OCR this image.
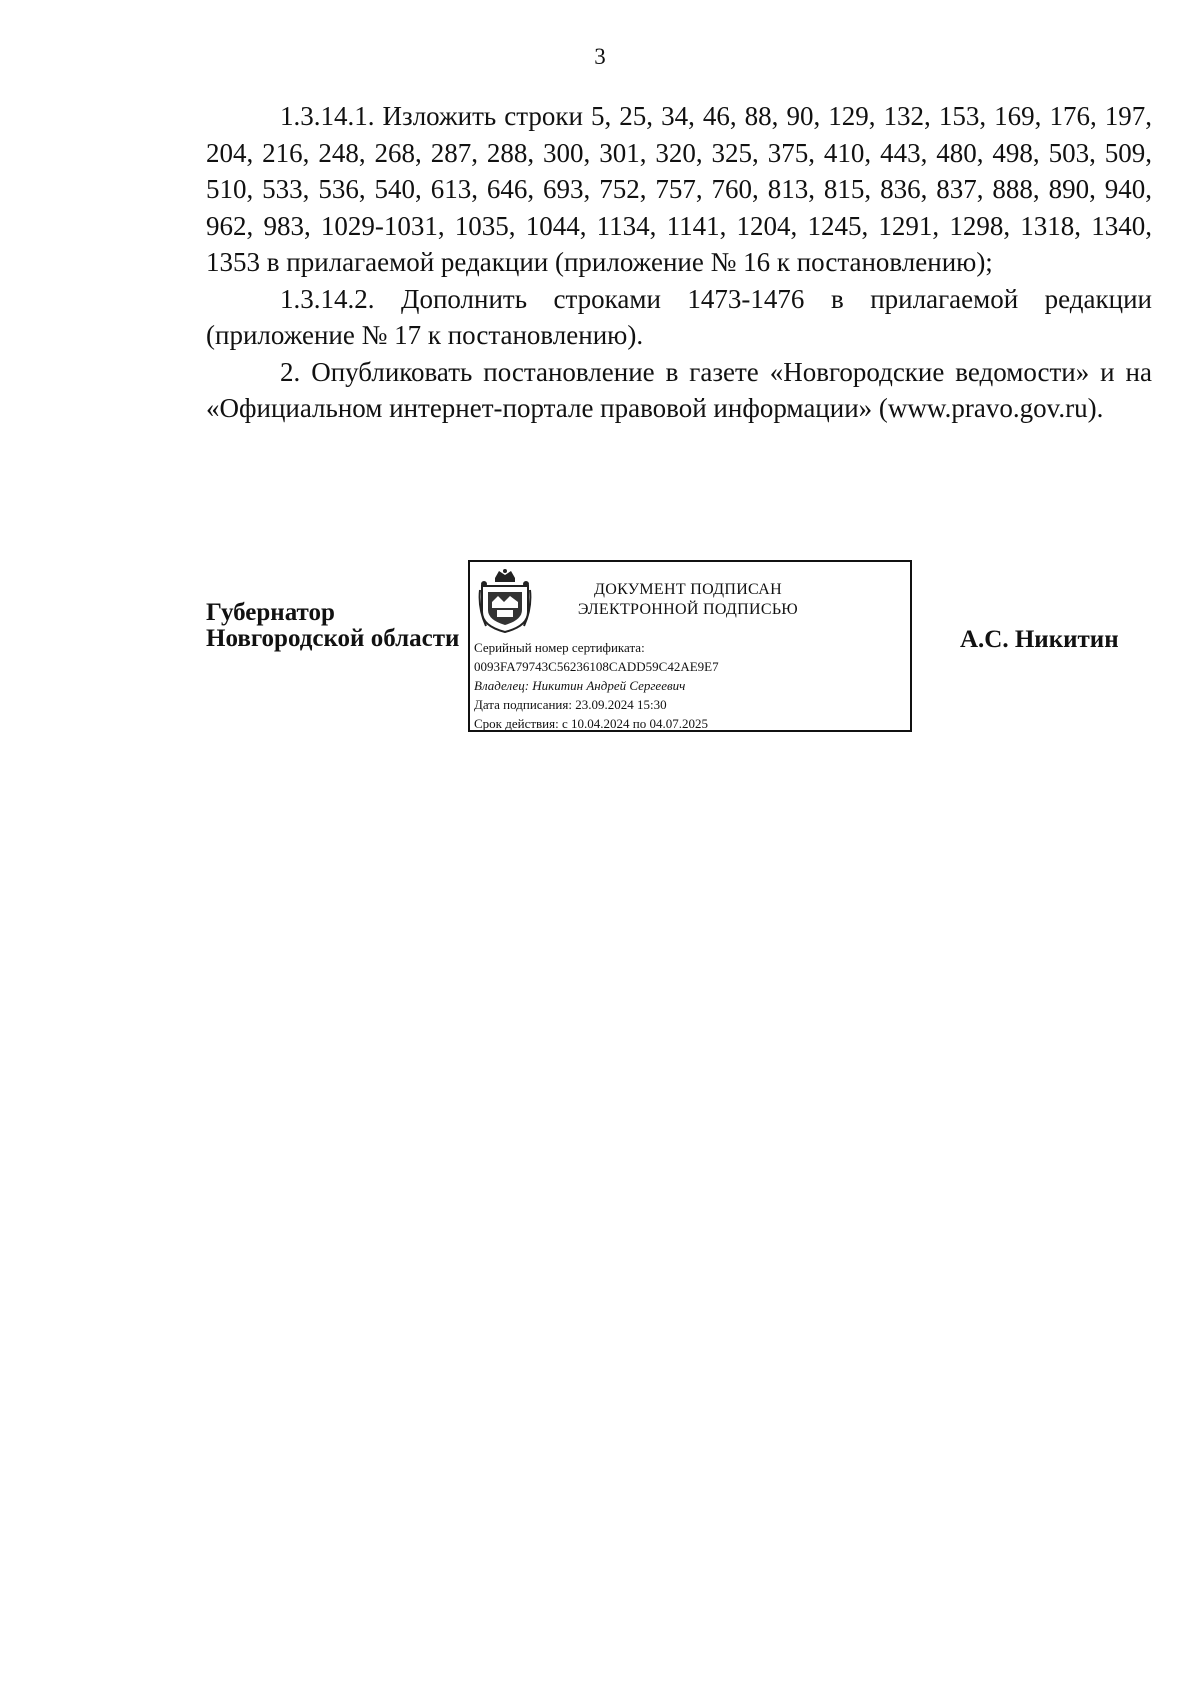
3

1.3.14.1. Изложить строки 5, 25, 34, 46, 88, 90, 129, 132, 153, 169, 176, 197, 204, 216, 248, 268, 287, 288, 300, 301, 320, 325, 375, 410, 443, 480, 498, 503, 509, 510, 533, 536, 540, 613, 646, 693, 752, 757, 760, 813, 815, 836, 837, 888, 890, 940, 962, 983, 1029-1031, 1035, 1044, 1134, 1141, 1204, 1245, 1291, 1298, 1318, 1340, 1353 в прилагаемой редакции (приложение № 16 к постановлению);

1.3.14.2. Дополнить строками 1473-1476 в прилагаемой редакции (приложение № 17 к постановлению).

2. Опубликовать постановление в газете «Новгородские ведомости» и на «Официальном интернет-портале правовой информации» (www.pravo.gov.ru).

Губернатор
Новгородской области
ДОКУМЕНТ ПОДПИСАН
ЭЛЕКТРОННОЙ ПОДПИСЬЮ
Серийный номер сертификата:
0093FA79743C56236108CADD59C42AE9E7
Владелец: Никитин Андрей Сергеевич
Дата подписания: 23.09.2024 15:30
Срок действия: с 10.04.2024 по 04.07.2025
А.С. Никитин
